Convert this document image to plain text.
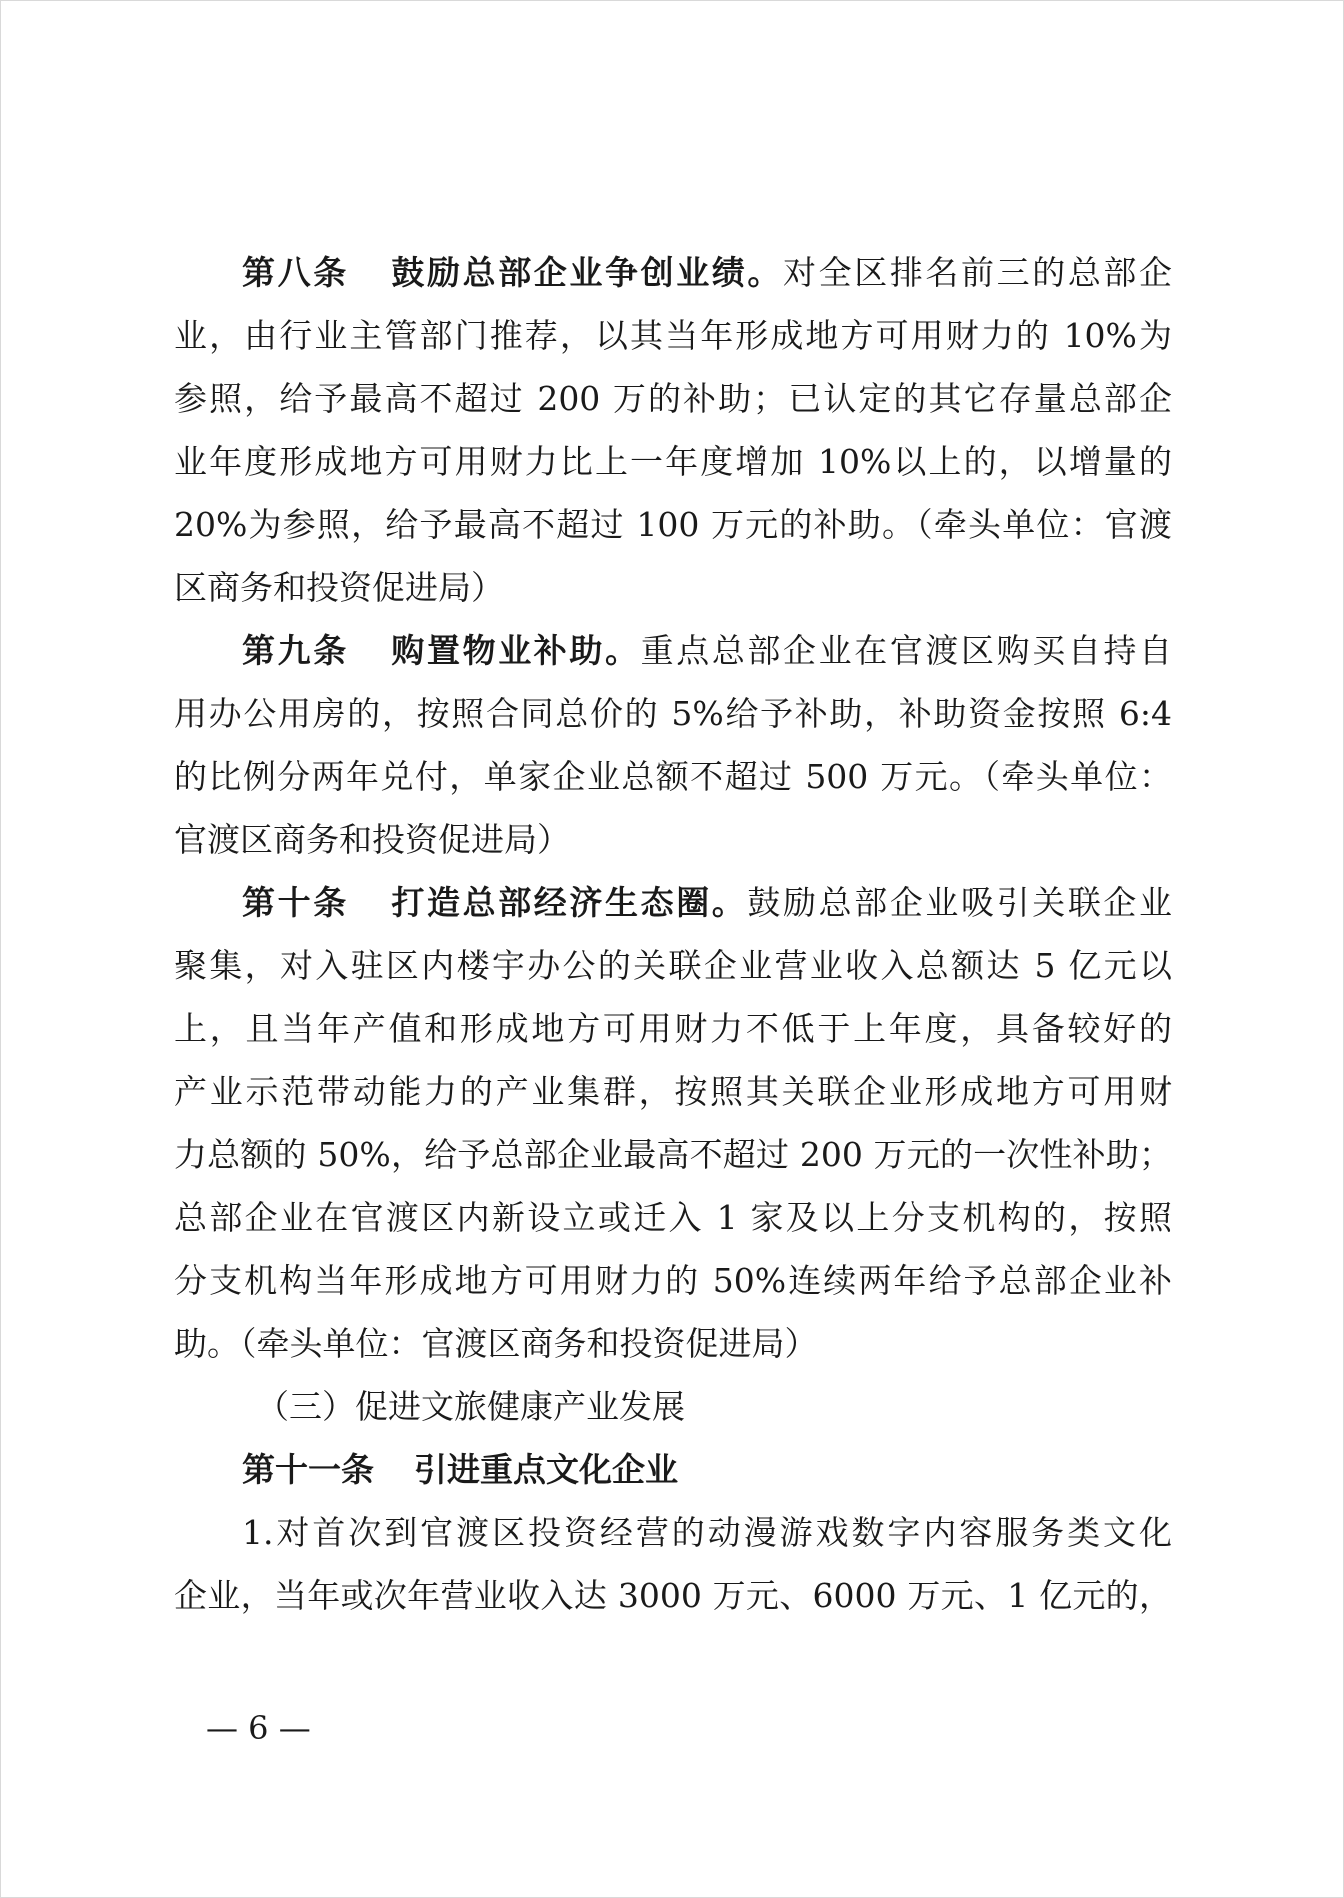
第八条 鼓励总部企业争创业绩。对全区排名前三的总部企
业，由行业主管部门推荐，以其当年形成地方可用财力的 10%为
参照，给予最高不超过 200 万的补助；已认定的其它存量总部企
业年度形成地方可用财力比上一年度增加 10%以上的，以增量的
20%为参照，给予最高不超过 100 万元的补助。（牵头单位：官渡
区商务和投资促进局）
第九条 购置物业补助。重点总部企业在官渡区购买自持自
用办公用房的，按照合同总价的 5%给予补助，补助资金按照 6:4
的比例分两年兑付，单家企业总额不超过 500 万元。（牵头单位：
官渡区商务和投资促进局）
第十条 打造总部经济生态圈。鼓励总部企业吸引关联企业
聚集，对入驻区内楼宇办公的关联企业营业收入总额达 5 亿元以
上，且当年产值和形成地方可用财力不低于上年度，具备较好的
产业示范带动能力的产业集群，按照其关联企业形成地方可用财
力总额的 50%，给予总部企业最高不超过 200 万元的一次性补助；
总部企业在官渡区内新设立或迁入 1 家及以上分支机构的，按照
分支机构当年形成地方可用财力的 50%连续两年给予总部企业补
助。（牵头单位：官渡区商务和投资促进局）
（三）促进文旅健康产业发展
第十一条 引进重点文化企业
1.对首次到官渡区投资经营的动漫游戏数字内容服务类文化
企业，当年或次年营业收入达 3000 万元、6000 万元、1 亿元的，
— 6 —
